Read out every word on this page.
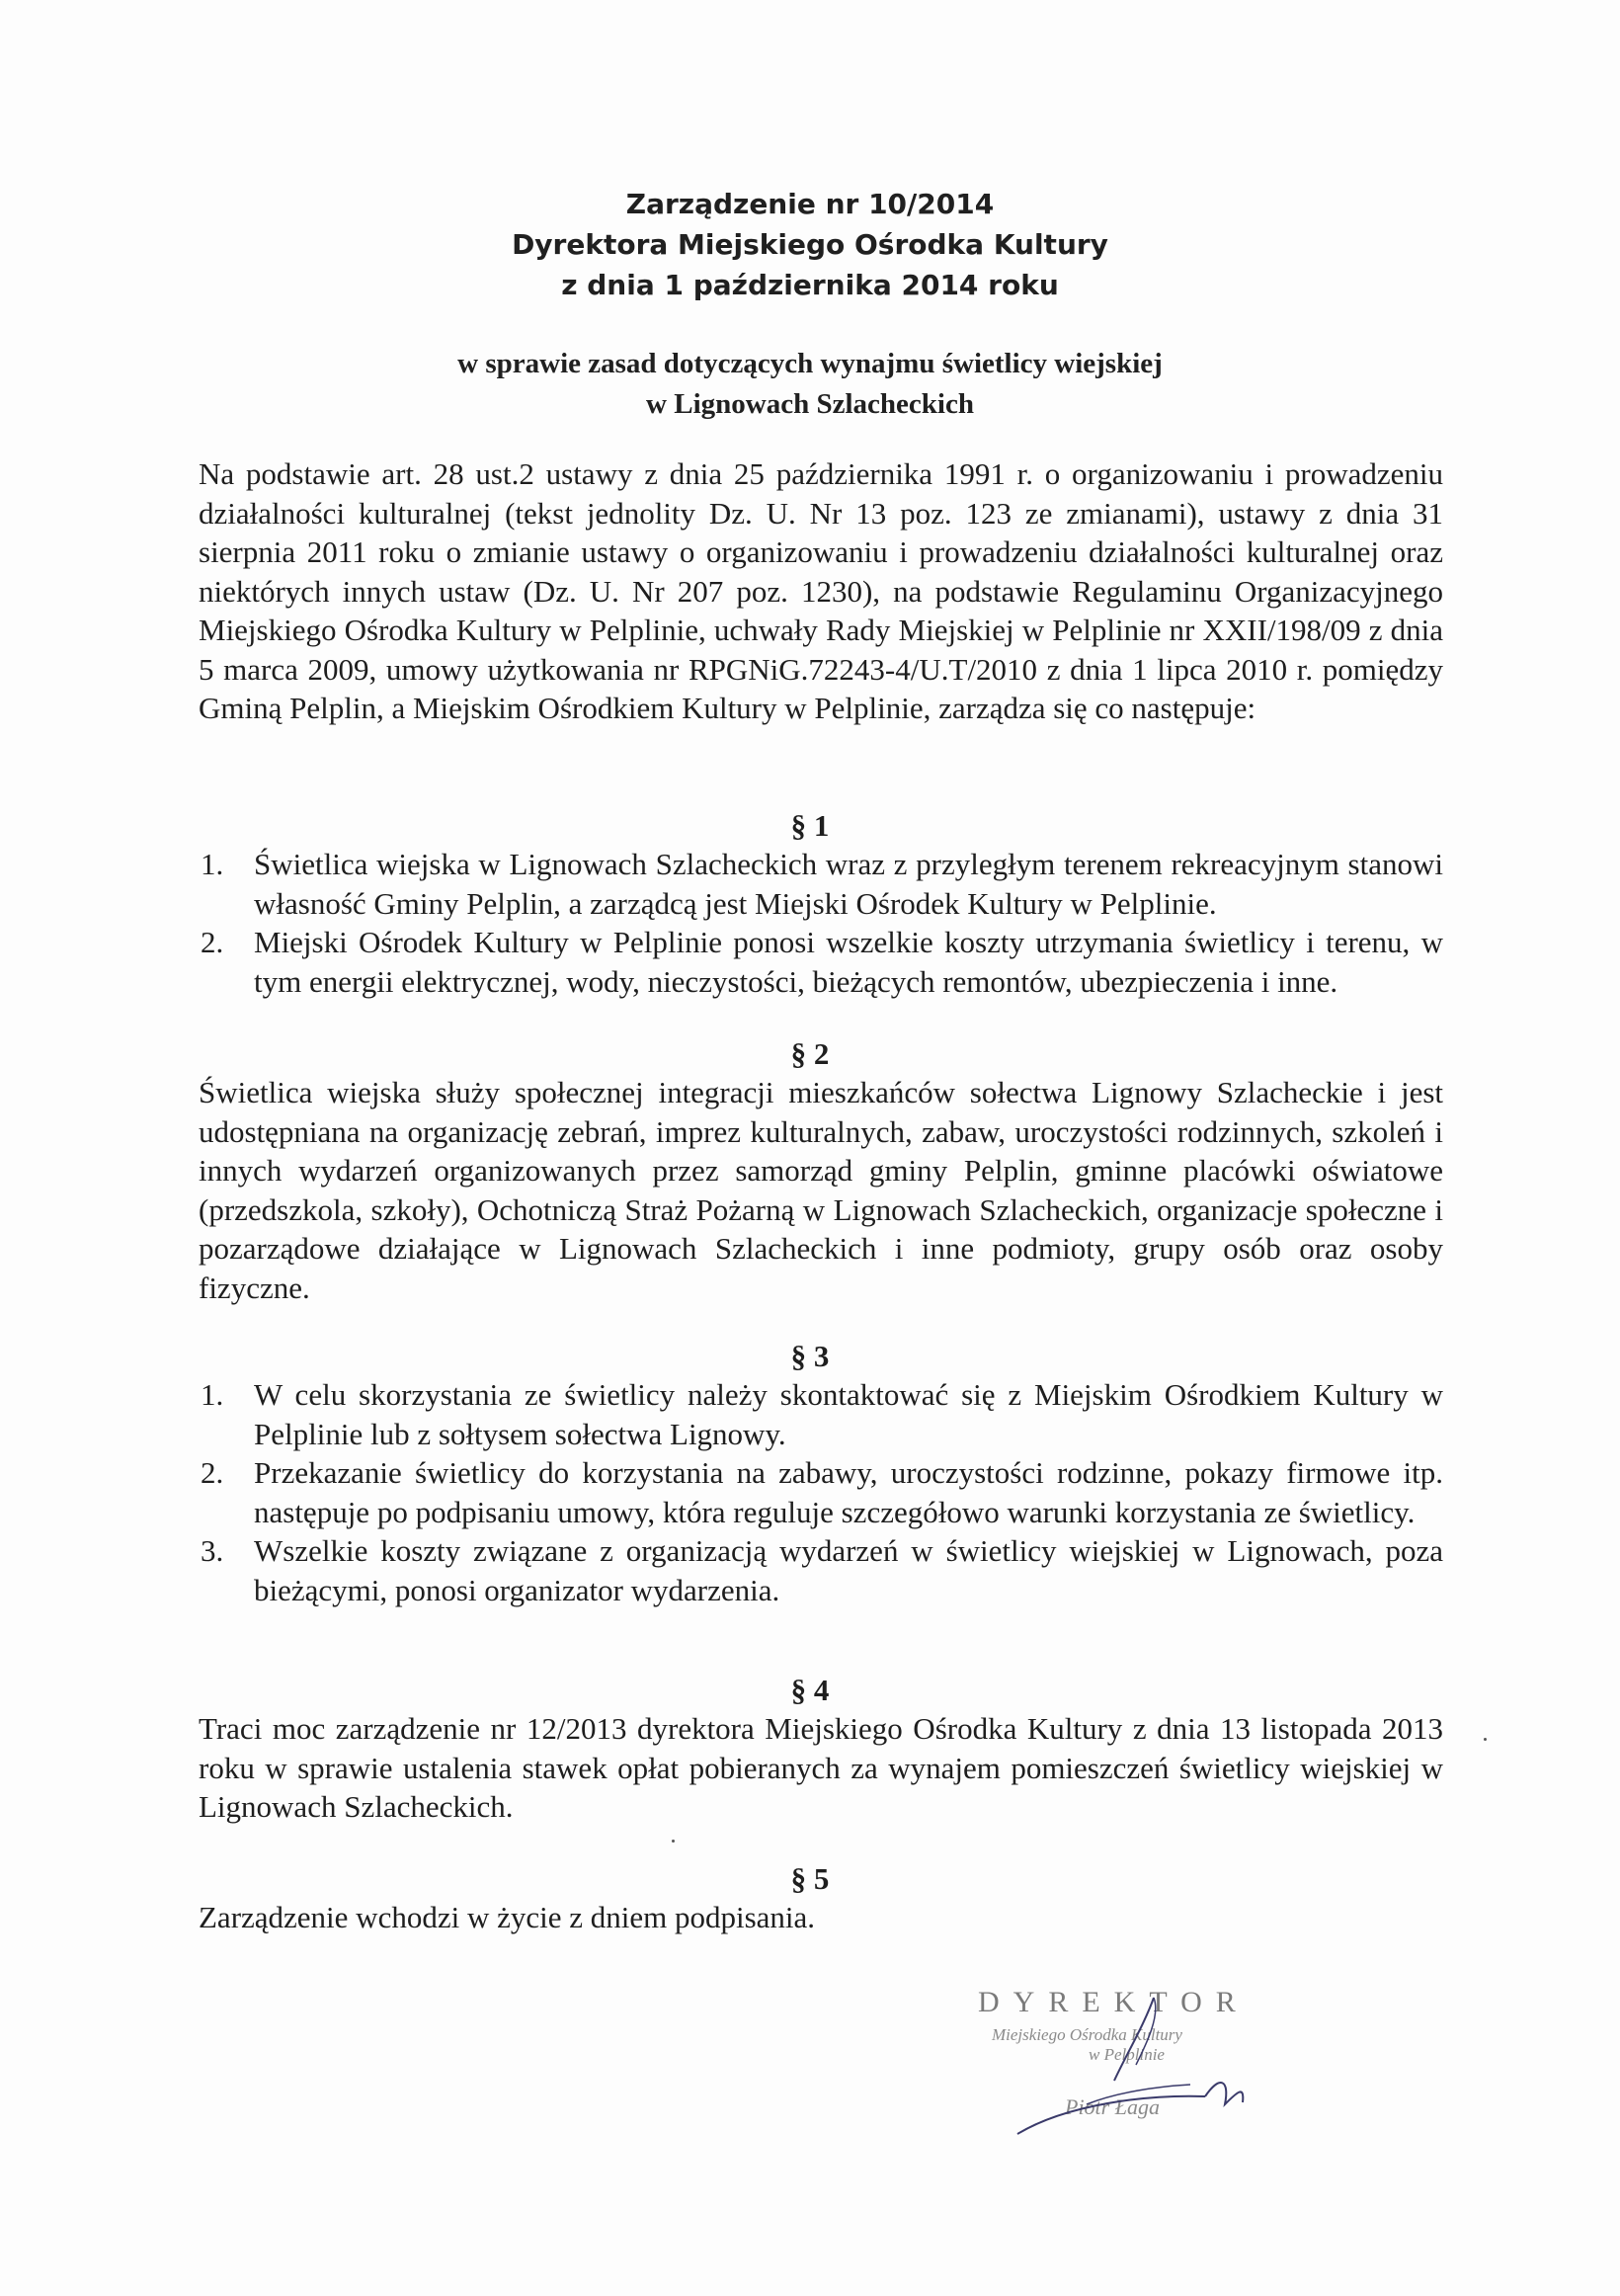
Zarządzenie nr 10/2014
Dyrektora Miejskiego Ośrodka Kultury
z dnia 1 października 2014 roku
w sprawie zasad dotyczących wynajmu świetlicy wiejskiej
w Lignowach Szlacheckich

Na podstawie art. 28 ust.2 ustawy z dnia 25 października 1991 r. o organizowaniu i prowadzeniu działalności kulturalnej (tekst jednolity Dz. U. Nr 13 poz. 123 ze zmianami), ustawy z dnia 31 sierpnia 2011 roku o zmianie ustawy o organizowaniu i prowadzeniu działalności kulturalnej oraz niektórych innych ustaw (Dz. U. Nr 207 poz. 1230), na podstawie Regulaminu Organizacyjnego Miejskiego Ośrodka Kultury w Pelplinie, uchwały Rady Miejskiej w Pelplinie nr XXII/198/09 z dnia 5 marca 2009, umowy użytkowania nr RPGNiG.72243-4/U.T/2010 z dnia 1 lipca 2010 r. pomiędzy Gminą Pelplin, a Miejskim Ośrodkiem Kultury w Pelplinie, zarządza się co następuje:

§ 1
1. Świetlica wiejska w Lignowach Szlacheckich wraz z przyległym terenem rekreacyjnym stanowi własność Gminy Pelplin, a zarządcą jest Miejski Ośrodek Kultury w Pelplinie.
2. Miejski Ośrodek Kultury w Pelplinie ponosi wszelkie koszty utrzymania świetlicy i terenu, w tym energii elektrycznej, wody, nieczystości, bieżących remontów, ubezpieczenia i inne.
§ 2

Świetlica wiejska służy społecznej integracji mieszkańców sołectwa Lignowy Szlacheckie i jest udostępniana na organizację zebrań, imprez kulturalnych, zabaw, uroczystości rodzinnych, szkoleń i innych wydarzeń organizowanych przez samorząd gminy Pelplin, gminne placówki oświatowe (przedszkola, szkoły), Ochotniczą Straż Pożarną w Lignowach Szlacheckich, organizacje społeczne i pozarządowe działające w Lignowach Szlacheckich i inne podmioty, grupy osób oraz osoby fizyczne.

§ 3
1. W celu skorzystania ze świetlicy należy skontaktować się z Miejskim Ośrodkiem Kultury w Pelplinie lub z sołtysem sołectwa Lignowy.
2. Przekazanie świetlicy do korzystania na zabawy, uroczystości rodzinne, pokazy firmowe itp. następuje po podpisaniu umowy, która reguluje szczegółowo warunki korzystania ze świetlicy.
3. Wszelkie koszty związane z organizacją wydarzeń w świetlicy wiejskiej w Lignowach, poza bieżącymi, ponosi organizator wydarzenia.
§ 4

Traci moc zarządzenie nr 12/2013 dyrektora Miejskiego Ośrodka Kultury z dnia 13 listopada 2013 roku w sprawie ustalenia stawek opłat pobieranych za wynajem pomieszczeń świetlicy wiejskiej w Lignowach Szlacheckich.

§ 5

Zarządzenie wchodzi w życie z dniem podpisania.

DYREKTOR
Miejskiego Ośrodka Kultury
w Pelplinie
Piotr Łaga
